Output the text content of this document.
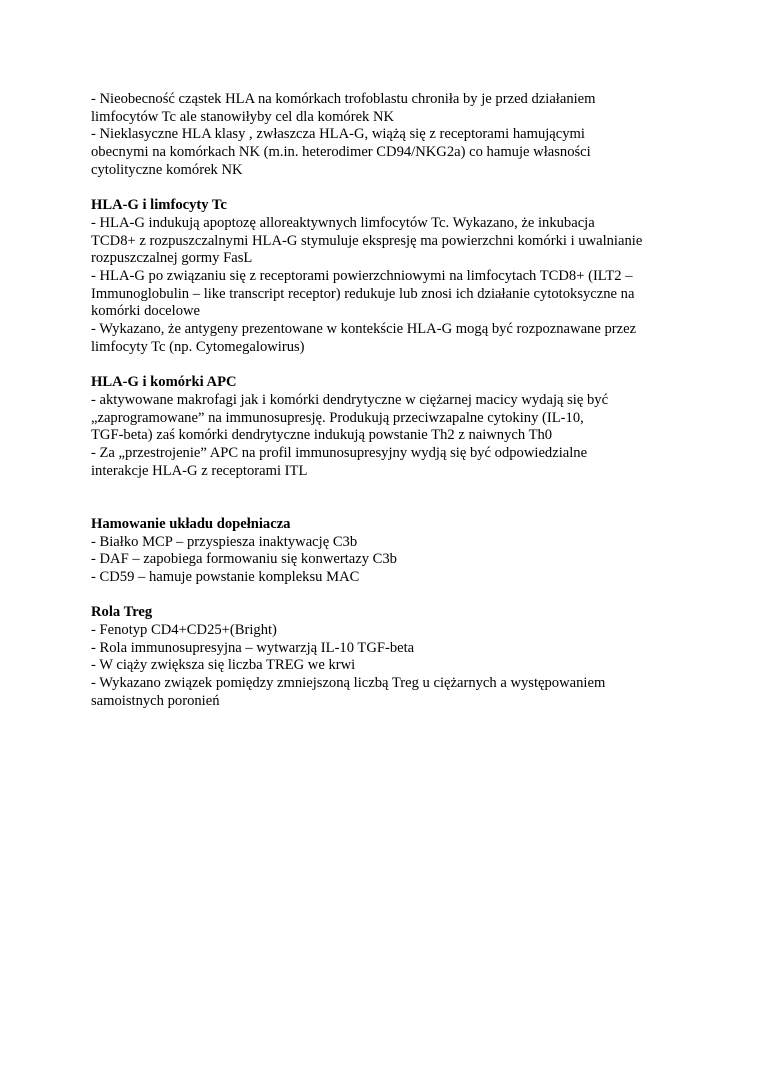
- Nieobecność cząstek HLA na komórkach trofoblastu chroniła by je przed działaniem

limfocytów Tc ale stanowiłyby cel dla komórek NK

- Nieklasyczne HLA klasy , zwłaszcza HLA-G, wiążą się z receptorami hamującymi

obecnymi na komórkach NK (m.in. heterodimer CD94/NKG2a) co hamuje własności

cytolityczne komórek NK

HLA-G i limfocyty Tc

- HLA-G indukują apoptozę alloreaktywnych limfocytów Tc. Wykazano, że inkubacja

TCD8+ z rozpuszczalnymi HLA-G stymuluje ekspresję ma powierzchni komórki i uwalnianie

rozpuszczalnej gormy FasL

- HLA-G po związaniu się z receptorami powierzchniowymi na limfocytach TCD8+ (ILT2 –

Immunoglobulin – like transcript receptor) redukuje lub znosi ich działanie cytotoksyczne na

komórki docelowe

- Wykazano, że antygeny prezentowane w kontekście HLA-G mogą być rozpoznawane przez

limfocyty Tc (np. Cytomegalowirus)

HLA-G i komórki APC

- aktywowane makrofagi jak i komórki dendrytyczne w ciężarnej macicy wydają się być

„zaprogramowane” na immunosupresję. Produkują przeciwzapalne cytokiny (IL-10,

TGF-beta) zaś komórki dendrytyczne indukują powstanie Th2 z naiwnych Th0

- Za „przestrojenie” APC na profil immunosupresyjny wydją się być odpowiedzialne

interakcje HLA-G z receptorami ITL

Hamowanie układu dopełniacza

- Białko MCP – przyspiesza inaktywację C3b

- DAF – zapobiega formowaniu się konwertazy C3b

- CD59 – hamuje powstanie kompleksu MAC

Rola Treg

- Fenotyp CD4+CD25+(Bright)

- Rola immunosupresyjna – wytwarzją IL-10 TGF-beta

- W ciąży zwiększa się liczba TREG we krwi

- Wykazano związek pomiędzy zmniejszoną liczbą Treg u ciężarnych a występowaniem

samoistnych poronień
